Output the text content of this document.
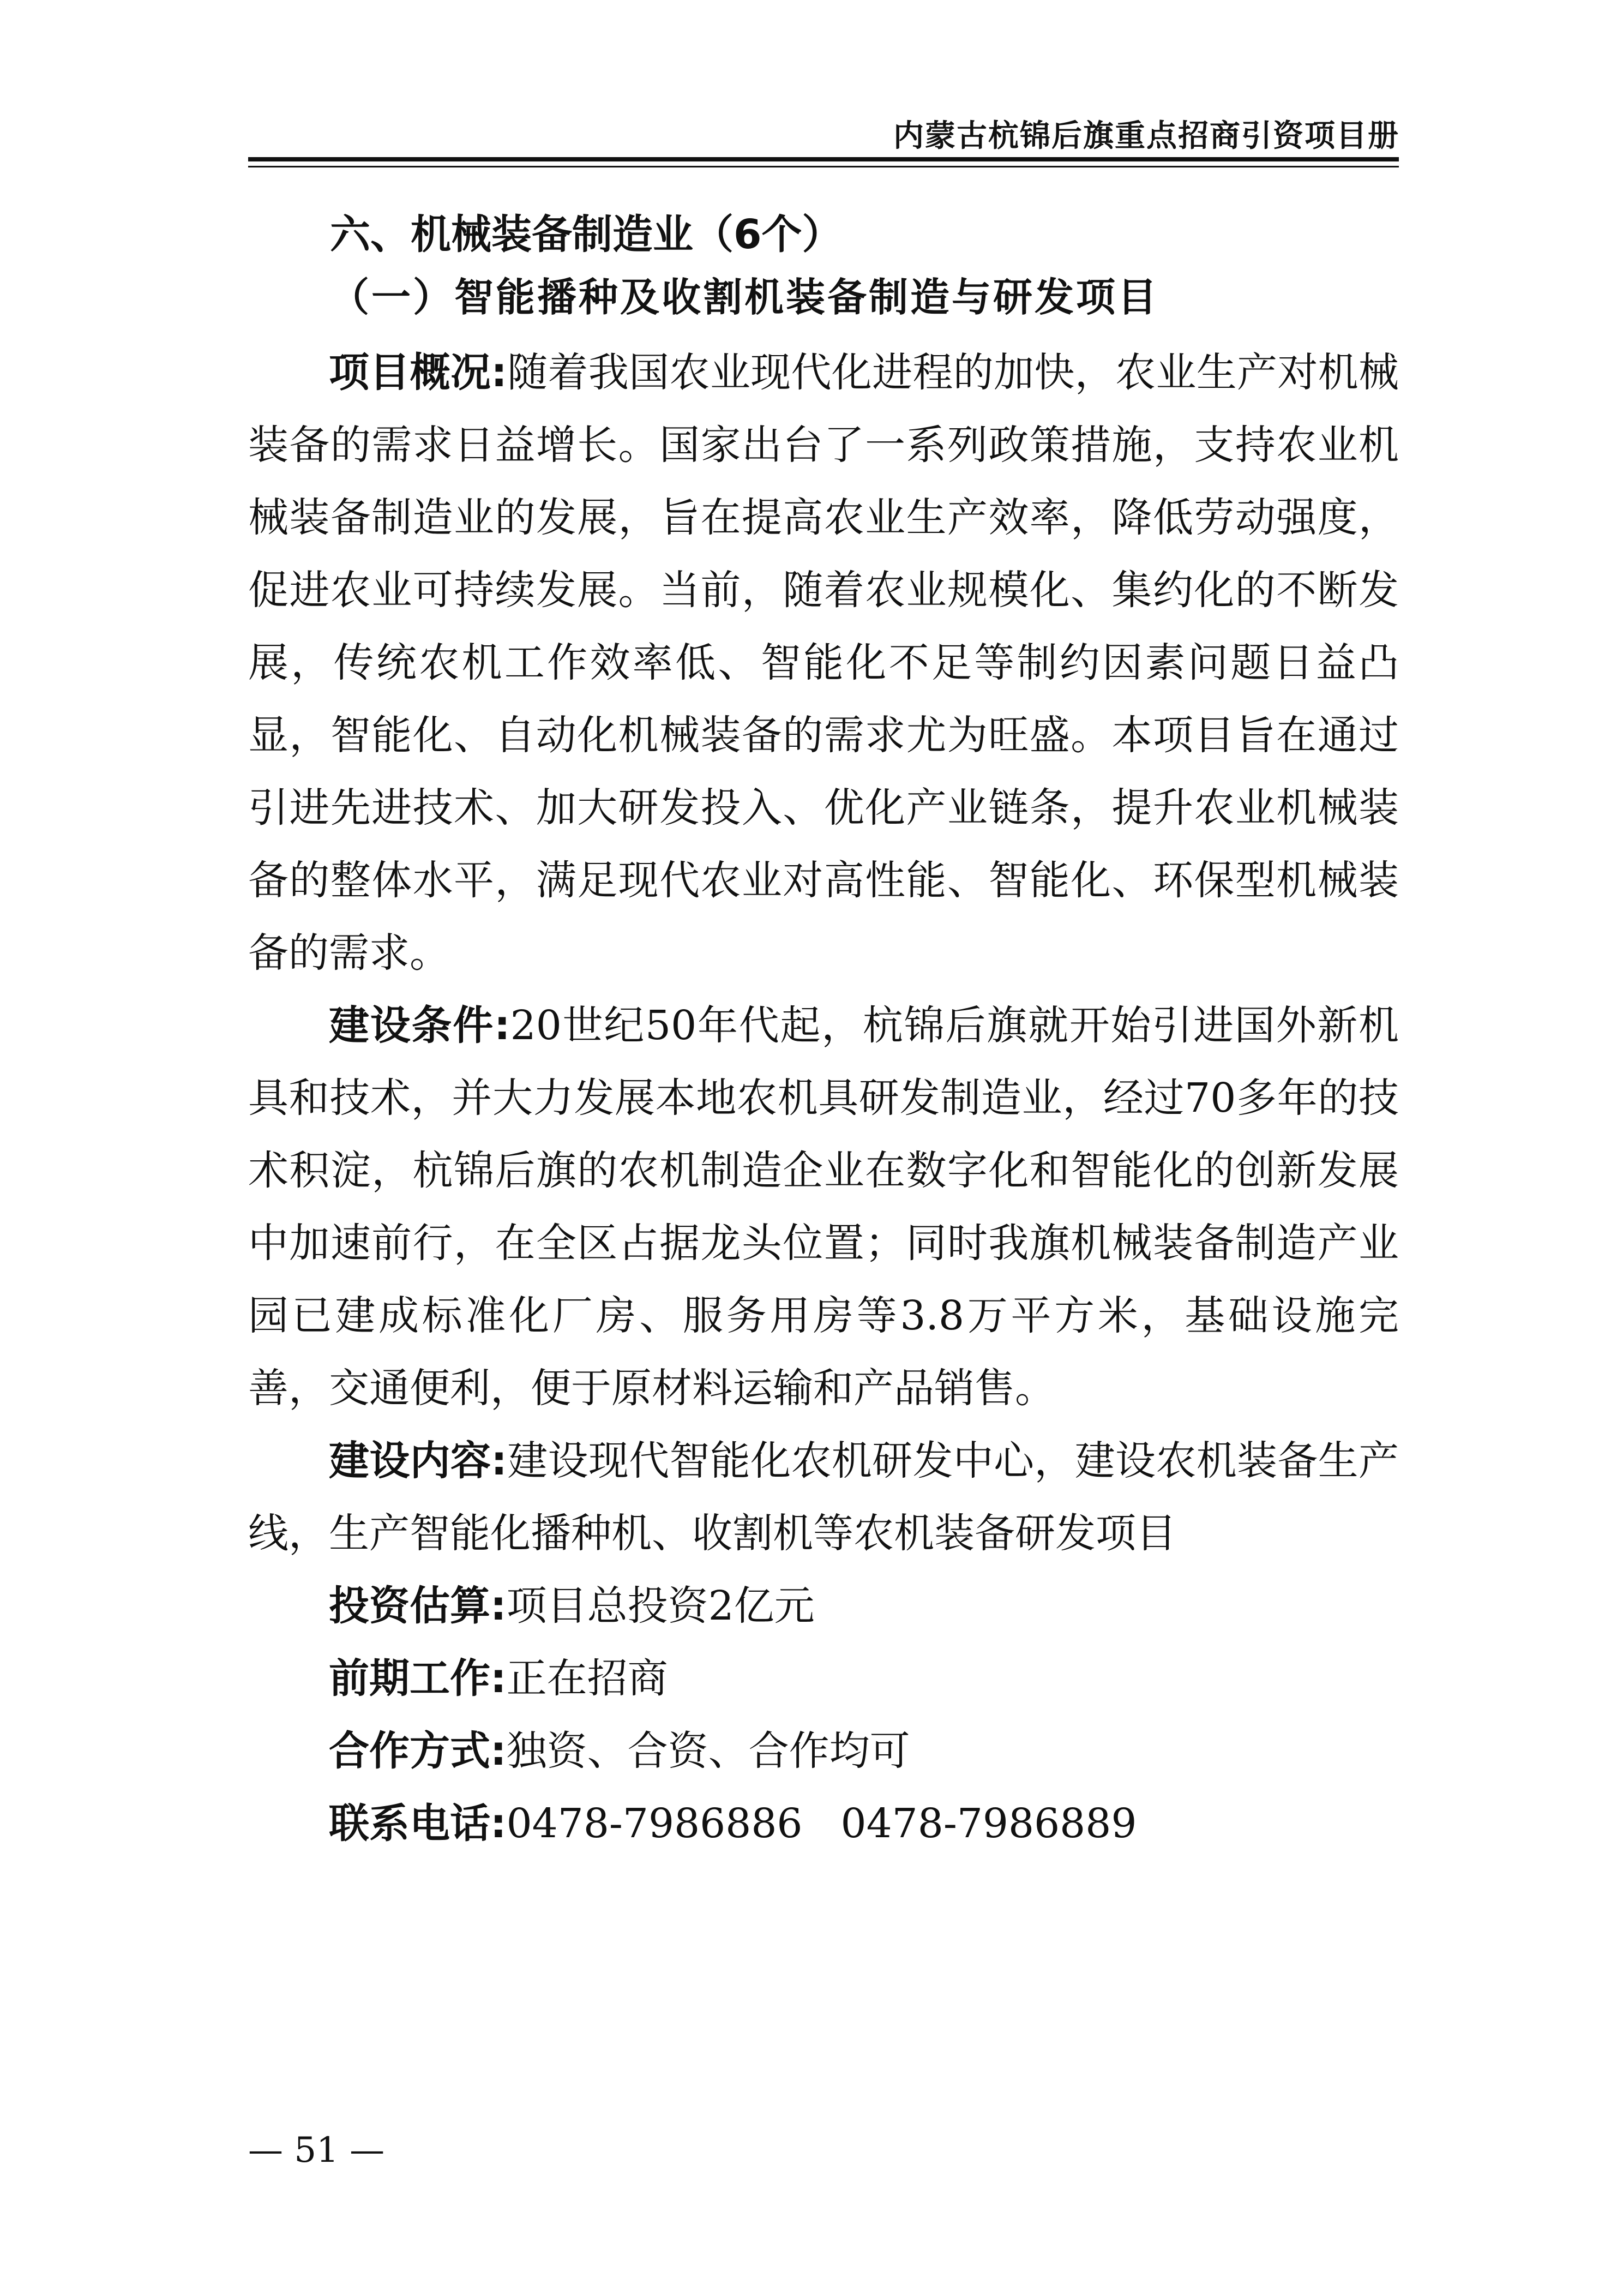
内蒙古杭锦后旗重点招商引资项目册
六、机械装备制造业（6个）
（一）智能播种及收割机装备制造与研发项目

项目概况:随着我国农业现代化进程的加快，农业生产对机械装备的需求日益增长。国家出台了一系列政策措施，支持农业机械装备制造业的发展，旨在提高农业生产效率，降低劳动强度，促进农业可持续发展。当前，随着农业规模化、集约化的不断发展，传统农机工作效率低、智能化不足等制约因素问题日益凸显，智能化、自动化机械装备的需求尤为旺盛。本项目旨在通过引进先进技术、加大研发投入、优化产业链条，提升农业机械装备的整体水平，满足现代农业对高性能、智能化、环保型机械装备的需求。

建设条件:20世纪50年代起，杭锦后旗就开始引进国外新机具和技术，并大力发展本地农机具研发制造业，经过70多年的技术积淀，杭锦后旗的农机制造企业在数字化和智能化的创新发展中加速前行，在全区占据龙头位置；同时我旗机械装备制造产业园已建成标准化厂房、服务用房等3.8万平方米，基础设施完善，交通便利，便于原材料运输和产品销售。

建设内容:建设现代智能化农机研发中心，建设农机装备生产线，生产智能化播种机、收割机等农机装备研发项目

投资估算:项目总投资2亿元

前期工作:正在招商

合作方式:独资、合资、合作均可

联系电话:0478-7986886 0478-7986889

— 51 —
